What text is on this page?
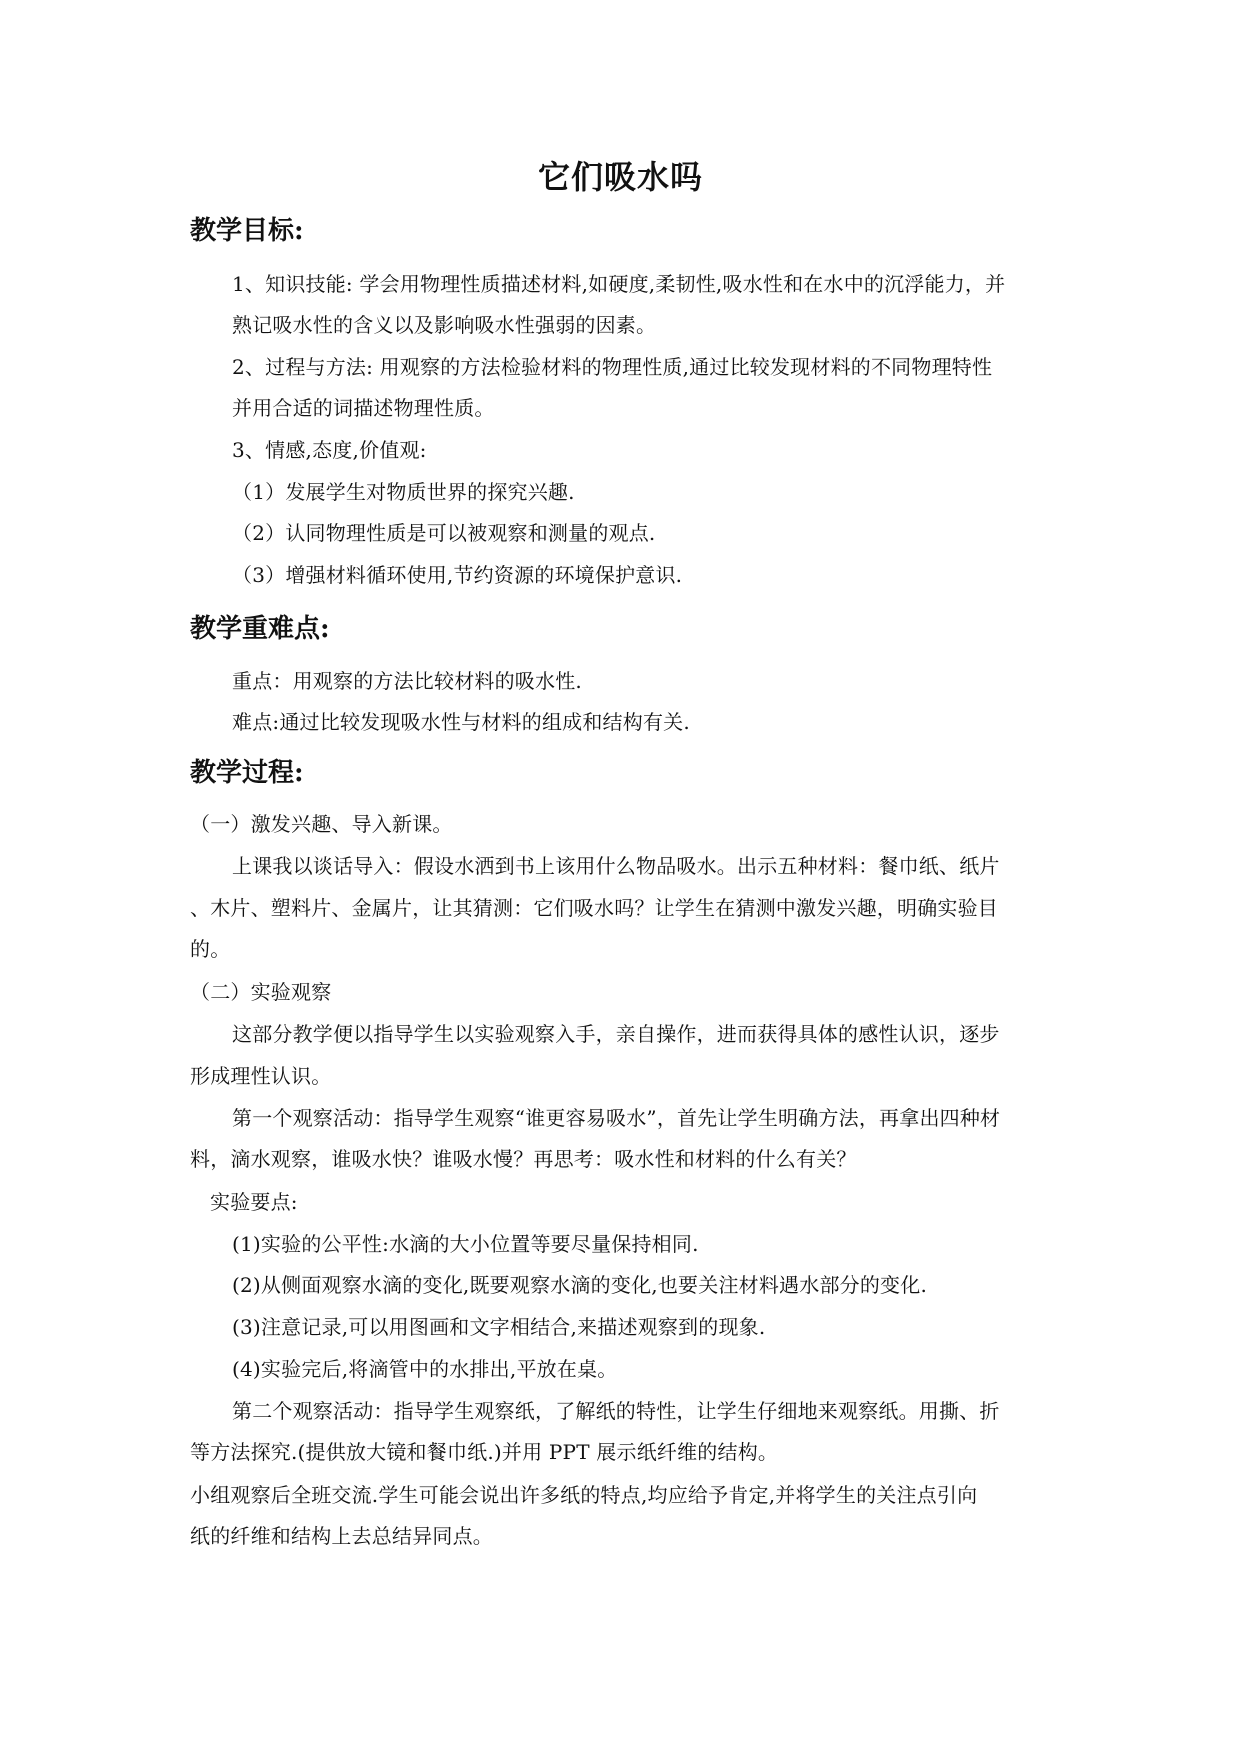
它们吸水吗
教学目标:
1、知识技能: 学会用物理性质描述材料,如硬度,柔韧性,吸水性和在水中的沉浮能力，并
熟记吸水性的含义以及影响吸水性强弱的因素。
2、过程与方法: 用观察的方法检验材料的物理性质,通过比较发现材料的不同物理特性
并用合适的词描述物理性质。
3、情感,态度,价值观:
（1）发展学生对物质世界的探究兴趣.
（2）认同物理性质是可以被观察和测量的观点.
（3）增强材料循环使用,节约资源的环境保护意识.
教学重难点:
重点：用观察的方法比较材料的吸水性.
难点:通过比较发现吸水性与材料的组成和结构有关.
教学过程:
（一）激发兴趣、导入新课。
上课我以谈话导入：假设水洒到书上该用什么物品吸水。出示五种材料：餐巾纸、纸片
、木片、塑料片、金属片，让其猜测：它们吸水吗？让学生在猜测中激发兴趣，明确实验目
的。
（二）实验观察
这部分教学便以指导学生以实验观察入手，亲自操作，进而获得具体的感性认识，逐步
形成理性认识。
第一个观察活动：指导学生观察“谁更容易吸水”，首先让学生明确方法，再拿出四种材
料，滴水观察，谁吸水快？谁吸水慢？再思考：吸水性和材料的什么有关？
实验要点:
(1)实验的公平性:水滴的大小位置等要尽量保持相同.
(2)从侧面观察水滴的变化,既要观察水滴的变化,也要关注材料遇水部分的变化.
(3)注意记录,可以用图画和文字相结合,来描述观察到的现象.
(4)实验完后,将滴管中的水排出,平放在桌。
第二个观察活动：指导学生观察纸，了解纸的特性，让学生仔细地来观察纸。用撕、折
等方法探究.(提供放大镜和餐巾纸.)并用 PPT 展示纸纤维的结构。
小组观察后全班交流.学生可能会说出许多纸的特点,均应给予肯定,并将学生的关注点引向
纸的纤维和结构上去总结异同点。
